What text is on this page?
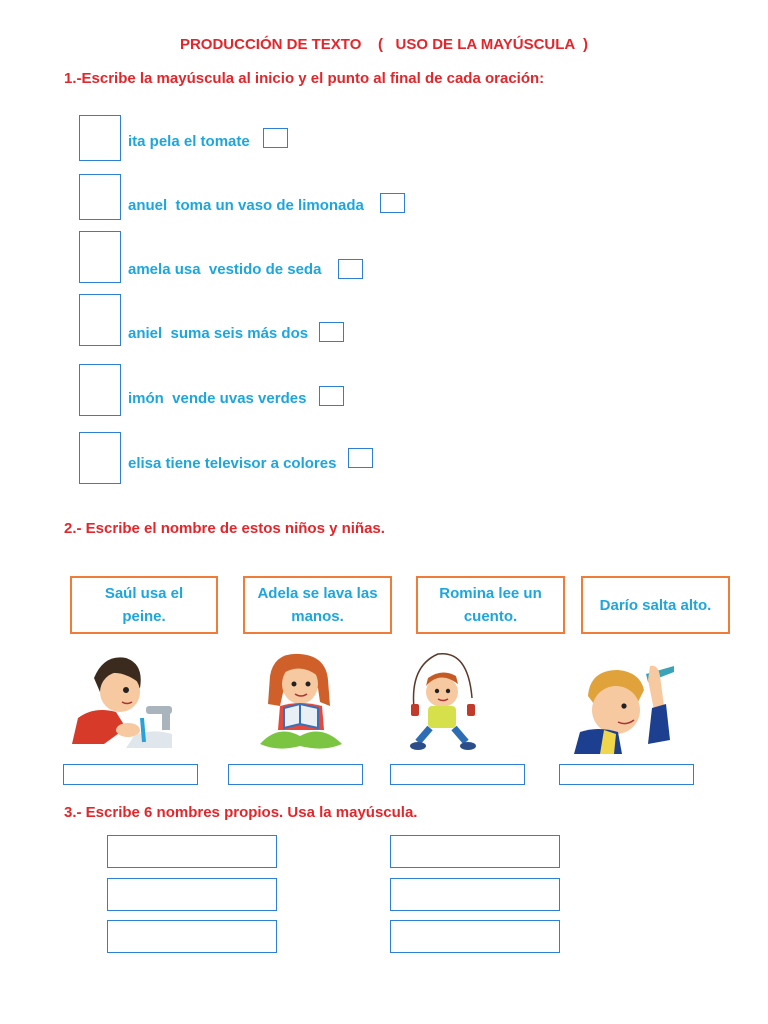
PRODUCCIÓN DE TEXTO    (   USO DE LA MAYÚSCULA  )
1.-Escribe la mayúscula al inicio y el punto al final de cada oración:
ita pela el tomate
anuel  toma un vaso de limonada
amela usa  vestido de seda
aniel  suma seis más dos
imón  vende uvas verdes
elisa tiene televisor a colores
2.- Escribe el nombre de estos niños y niñas.
Saúl usa el peine.
Adela se lava las manos.
Romina lee un cuento.
Darío salta alto.
3.- Escribe 6 nombres propios. Usa la mayúscula.
